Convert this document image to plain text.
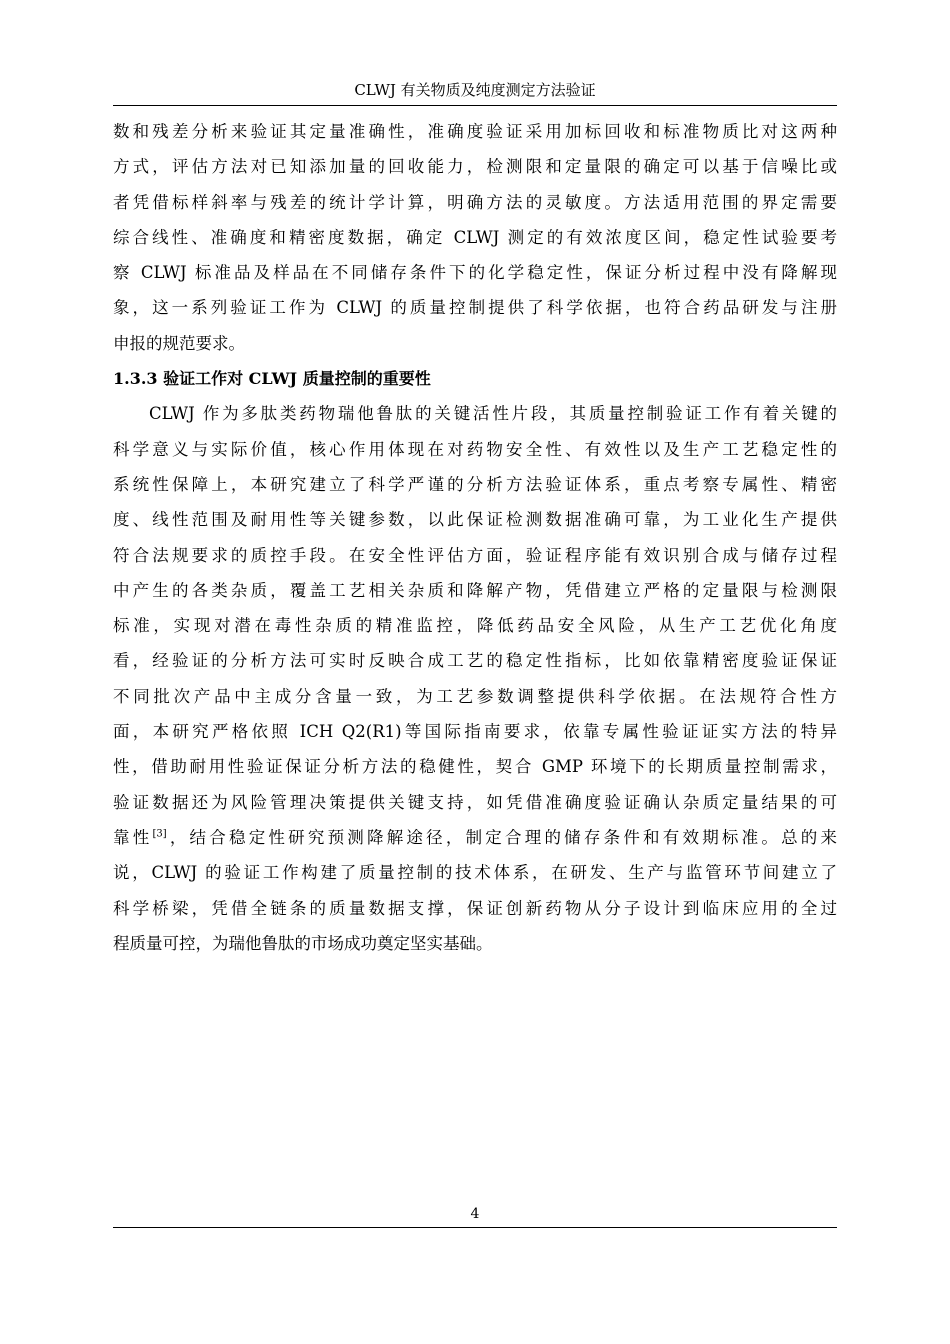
CLWJ 有关物质及纯度测定方法验证
数和残差分析来验证其定量准确性，准确度验证采用加标回收和标准物质比对这两种
方式，评估方法对已知添加量的回收能力，检测限和定量限的确定可以基于信噪比或
者凭借标样斜率与残差的统计学计算，明确方法的灵敏度。方法适用范围的界定需要
综合线性、准确度和精密度数据，确定 CLWJ 测定的有效浓度区间，稳定性试验要考
察 CLWJ 标准品及样品在不同储存条件下的化学稳定性，保证分析过程中没有降解现
象，这一系列验证工作为 CLWJ 的质量控制提供了科学依据，也符合药品研发与注册
申报的规范要求。
1.3.3 验证工作对 CLWJ 质量控制的重要性
CLWJ 作为多肽类药物瑞他鲁肽的关键活性片段，其质量控制验证工作有着关键的
科学意义与实际价值，核心作用体现在对药物安全性、有效性以及生产工艺稳定性的
系统性保障上，本研究建立了科学严谨的分析方法验证体系，重点考察专属性、精密
度、线性范围及耐用性等关键参数，以此保证检测数据准确可靠，为工业化生产提供
符合法规要求的质控手段。在安全性评估方面，验证程序能有效识别合成与储存过程
中产生的各类杂质，覆盖工艺相关杂质和降解产物，凭借建立严格的定量限与检测限
标准，实现对潜在毒性杂质的精准监控，降低药品安全风险，从生产工艺优化角度
看，经验证的分析方法可实时反映合成工艺的稳定性指标，比如依靠精密度验证保证
不同批次产品中主成分含量一致，为工艺参数调整提供科学依据。在法规符合性方
面，本研究严格依照 ICH Q2(R1)等国际指南要求，依靠专属性验证证实方法的特异
性，借助耐用性验证保证分析方法的稳健性，契合 GMP 环境下的长期质量控制需求，
验证数据还为风险管理决策提供关键支持，如凭借准确度验证确认杂质定量结果的可
靠性[3]，结合稳定性研究预测降解途径，制定合理的储存条件和有效期标准。总的来
说，CLWJ 的验证工作构建了质量控制的技术体系，在研发、生产与监管环节间建立了
科学桥梁，凭借全链条的质量数据支撑，保证创新药物从分子设计到临床应用的全过
程质量可控，为瑞他鲁肽的市场成功奠定坚实基础。
4
